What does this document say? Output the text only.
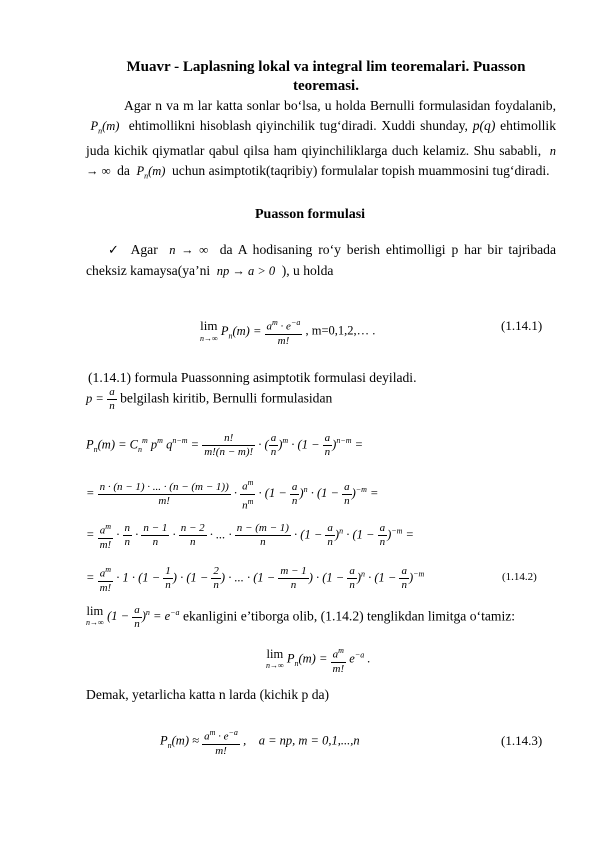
Muavr - Laplasning lokal va integral lim teoremalari. Puasson teoremasi.
Agar n va m lar katta sonlar bo‘lsa, u holda Bernulli formulasidan foydalanib,  $P_n(m)$  ehtimollikni hisoblash qiyinchilik tug‘diradi. Xuddi shunday, p(q) ehtimollik juda kichik qiymatlar qabul qilsa ham qiyinchiliklarga duch kelamiz. Shu sababli,  n → ∞  da  $P_n(m)$  uchun asimptotik(taqribiy) formulalar topish muammosini tug‘diradi.
Puasson formulasi
✓ Agar  n → ∞  da A hodisaning ro‘y berish ehtimolligi p har bir tajribada cheksiz kamaysa(ya’ni  np → a > 0  ), u holda
lim
n→∞ $P_n(m) = \frac{a^m \cdot e^{-a}}{m!}$ , m=0,1,2,… .	(1.14.1)
(1.14.1) formula Puassonning asimptotik formulasi deyiladi.
$p = \frac{a}{n}$ belgilash kiritib, Bernulli formulasidan
$P_n(m) = C_n^m$ $p^m$ $q^{n-m} = \frac{n!}{m!(n - m)!}$ · ( $\frac{a}{n} )^m \cdot (1 - \frac{a}{n} )^{n-m}$ =
= $\frac{n \cdot (n - 1) \cdot ... \cdot (n - (m - 1))}{m!} \cdot \frac{a^m}{n^m} \cdot (1 - \frac{a}{n} )^n \cdot (1 - \frac{a}{n} )^{-m}$ =
= $\frac{a^m}{m!} \cdot \frac{n}{n} \cdot \frac{n - 1}{n} \cdot \frac{n - 2}{n}$ · ... · $\frac{n - (m - 1)}{n} \cdot (1 - \frac{a}{n} )^n \cdot (1 - \frac{a}{n} )^{-m}$ =
= $\frac{a^m}{m!} \cdot 1 \cdot (1 - \frac{1}{n}$ ) · ($1 - \frac{2}{n}$ ) · ... · ($1 - \frac{m - 1}{n}$ ) · $(1 - \frac{a}{n} )^n \cdot (1 - \frac{a}{n} )^{-m}$	(1.14.2)
lim
n→∞ $(1 - \frac{a}{n} )^n = e^{-a}$ ekanligini e’tiborga olib, (1.14.2) tenglikdan limitga o‘tamiz:
lim
n→∞ $P_n(m) = \frac{a^m}{m!} e^{-a}$ .
Demak, yetarlicha katta n larda (kichik p da)
$P_n(m) \approx \frac{a^m \cdot e^{-a}}{m!}$ ,    a = np, m = 0,1,...,n	(1.14.3)
